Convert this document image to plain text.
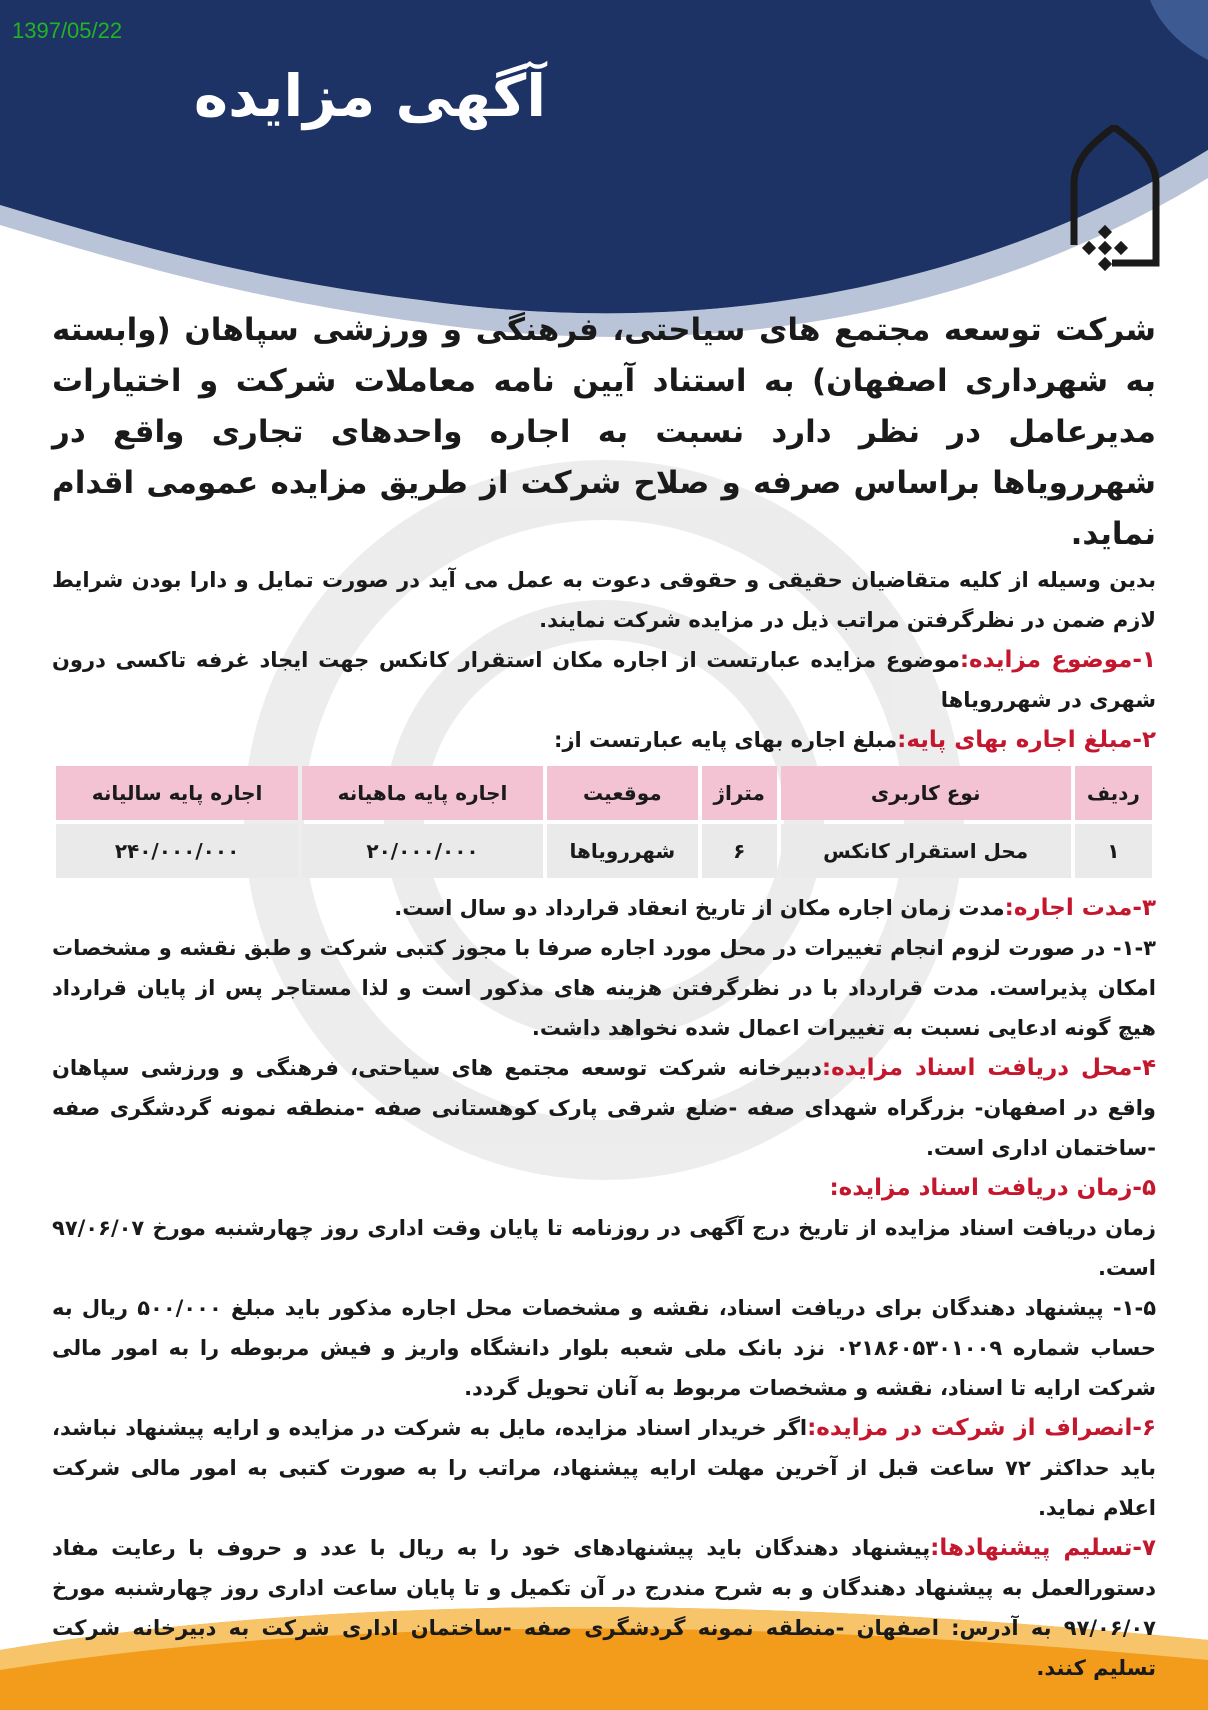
1397/05/22
آگهی مزایده
شرکت توسعه مجتمع های سیاحتی، فرهنگی و ورزشی سپاهان (وابسته به شهرداری اصفهان) به استناد آیین نامه معاملات شرکت و اختیارات مدیرعامل در نظر دارد نسبت به اجاره واحدهای تجاری واقع در شهررویاها براساس صرفه و صلاح شرکت از طریق مزایده عمومی اقدام نماید.

بدین وسیله از کلیه متقاضیان حقیقی و حقوقی دعوت به عمل می آید در صورت تمایل و دارا بودن شرایط لازم ضمن در نظرگرفتن مراتب ذیل در مزایده شرکت نمایند.

۱-موضوع مزایده:موضوع مزایده عبارتست از اجاره مکان استقرار کانکس جهت ایجاد غرفه تاکسی درون شهری در شهررویاها

۲-مبلغ اجاره بهای پایه:مبلغ اجاره بهای پایه عبارتست از:

ردیف	نوع کاربری	متراژ	موقعیت	اجاره پایه ماهیانه	اجاره پایه سالیانه
۱	محل استقرار کانکس	۶	شهررویاها	۲۰/۰۰۰/۰۰۰	۲۴۰/۰۰۰/۰۰۰

۳-مدت اجاره:مدت زمان اجاره مکان از تاریخ انعقاد قرارداد دو سال است.

۱-۳- در صورت لزوم انجام تغییرات در محل مورد اجاره صرفا با مجوز کتبی شرکت و طبق نقشه و مشخصات امکان پذیراست. مدت قرارداد با در نظرگرفتن هزینه های مذکور است و لذا مستاجر پس از پایان قرارداد هیچ گونه ادعایی نسبت به تغییرات اعمال شده نخواهد داشت.

۴-محل دریافت اسناد مزایده:دبیرخانه شرکت توسعه مجتمع های سیاحتی، فرهنگی و ورزشی سپاهان واقع در اصفهان- بزرگراه شهدای صفه -ضلع شرقی پارک کوهستانی صفه -منطقه نمونه گردشگری صفه -ساختمان اداری است.

۵-زمان دریافت اسناد مزایده:

زمان دریافت اسناد مزایده از تاریخ درج آگهی در روزنامه تا پایان وقت اداری روز چهارشنبه مورخ ۹۷/۰۶/۰۷ است.

۱-۵- پیشنهاد دهندگان برای دریافت اسناد، نقشه و مشخصات محل اجاره مذکور باید مبلغ ۵۰۰/۰۰۰ ریال به حساب شماره ۰۲۱۸۶۰۵۳۰۱۰۰۹ نزد بانک ملی شعبه بلوار دانشگاه واریز و فیش مربوطه را به امور مالی شرکت ارایه تا اسناد، نقشه و مشخصات مربوط به آنان تحویل گردد.

۶-انصراف از شرکت در مزایده:اگر خریدار اسناد مزایده، مایل به شرکت در مزایده و ارایه پیشنهاد نباشد، باید حداکثر ۷۲ ساعت قبل از آخرین مهلت ارایه پیشنهاد، مراتب را به صورت کتبی به امور مالی شرکت اعلام نماید.

۷-تسلیم پیشنهادها:پیشنهاد دهندگان باید پیشنهادهای خود را به ریال با عدد و حروف با رعایت مفاد دستورالعمل به پیشنهاد دهندگان و به شرح مندرج در آن تکمیل و تا پایان ساعت اداری روز چهارشنبه مورخ ۹۷/۰۶/۰۷ به آدرس: اصفهان -منطقه نمونه گردشگری صفه -ساختمان اداری شرکت به دبیرخانه شرکت تسلیم کنند.
